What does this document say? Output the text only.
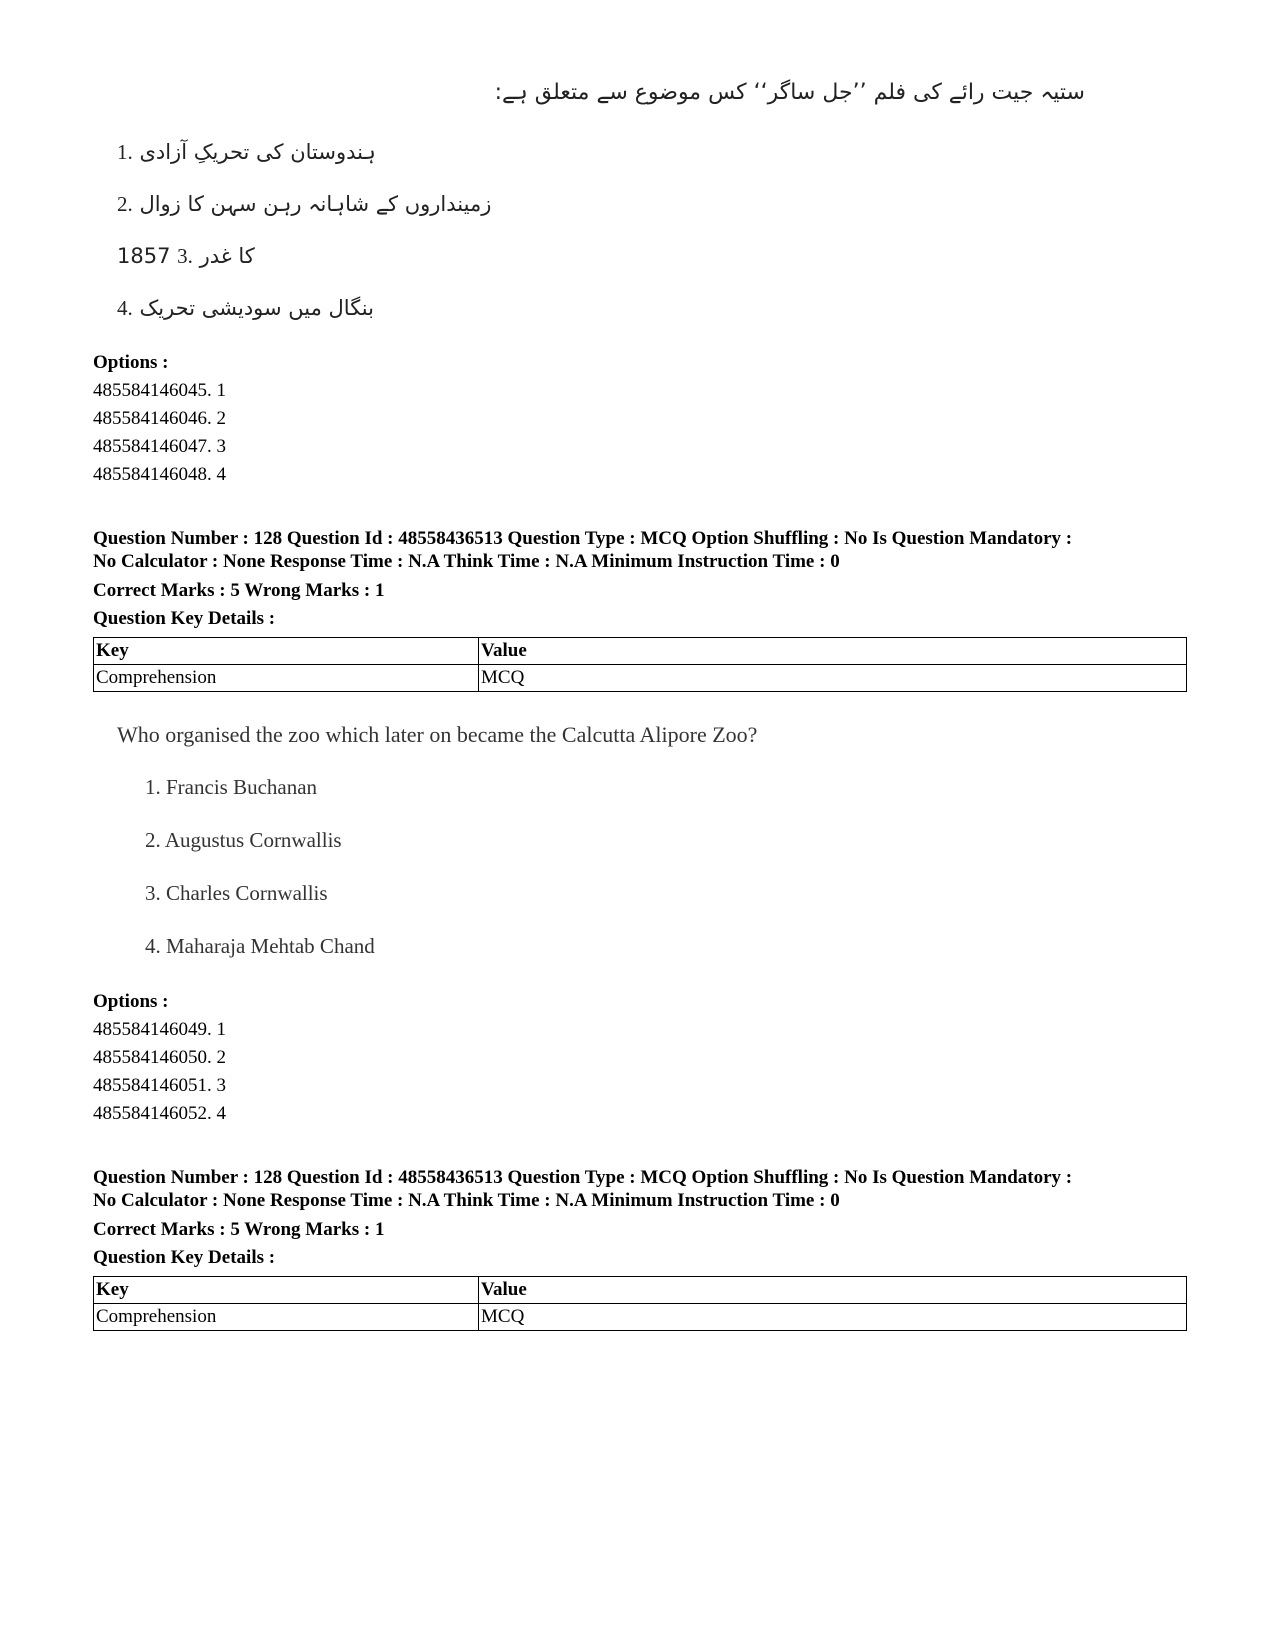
ستیہ جیت رائے کی فلم ’’جل ساگر‘‘ کس موضوع سے متعلق ہے:
ہندوستان کی تحریکِ آزادی .1
زمینداروں کے شاہانہ رہن سہن کا زوال .2
1857 کا غدر .3
بنگال میں سودیشی تحریک .4
Options :
485584146045. 1
485584146046. 2
485584146047. 3
485584146048. 4
Question Number : 128 Question Id : 48558436513 Question Type : MCQ Option Shuffling : No Is Question Mandatory :
No Calculator : None Response Time : N.A Think Time : N.A Minimum Instruction Time : 0
Correct Marks : 5 Wrong Marks : 1
Question Key Details :
Key	Value
Comprehension	MCQ
Who organised the zoo which later on became the Calcutta Alipore Zoo?
1. Francis Buchanan
2. Augustus Cornwallis
3. Charles Cornwallis
4. Maharaja Mehtab Chand
Options :
485584146049. 1
485584146050. 2
485584146051. 3
485584146052. 4
Question Number : 128 Question Id : 48558436513 Question Type : MCQ Option Shuffling : No Is Question Mandatory :
No Calculator : None Response Time : N.A Think Time : N.A Minimum Instruction Time : 0
Correct Marks : 5 Wrong Marks : 1
Question Key Details :
Key	Value
Comprehension	MCQ
